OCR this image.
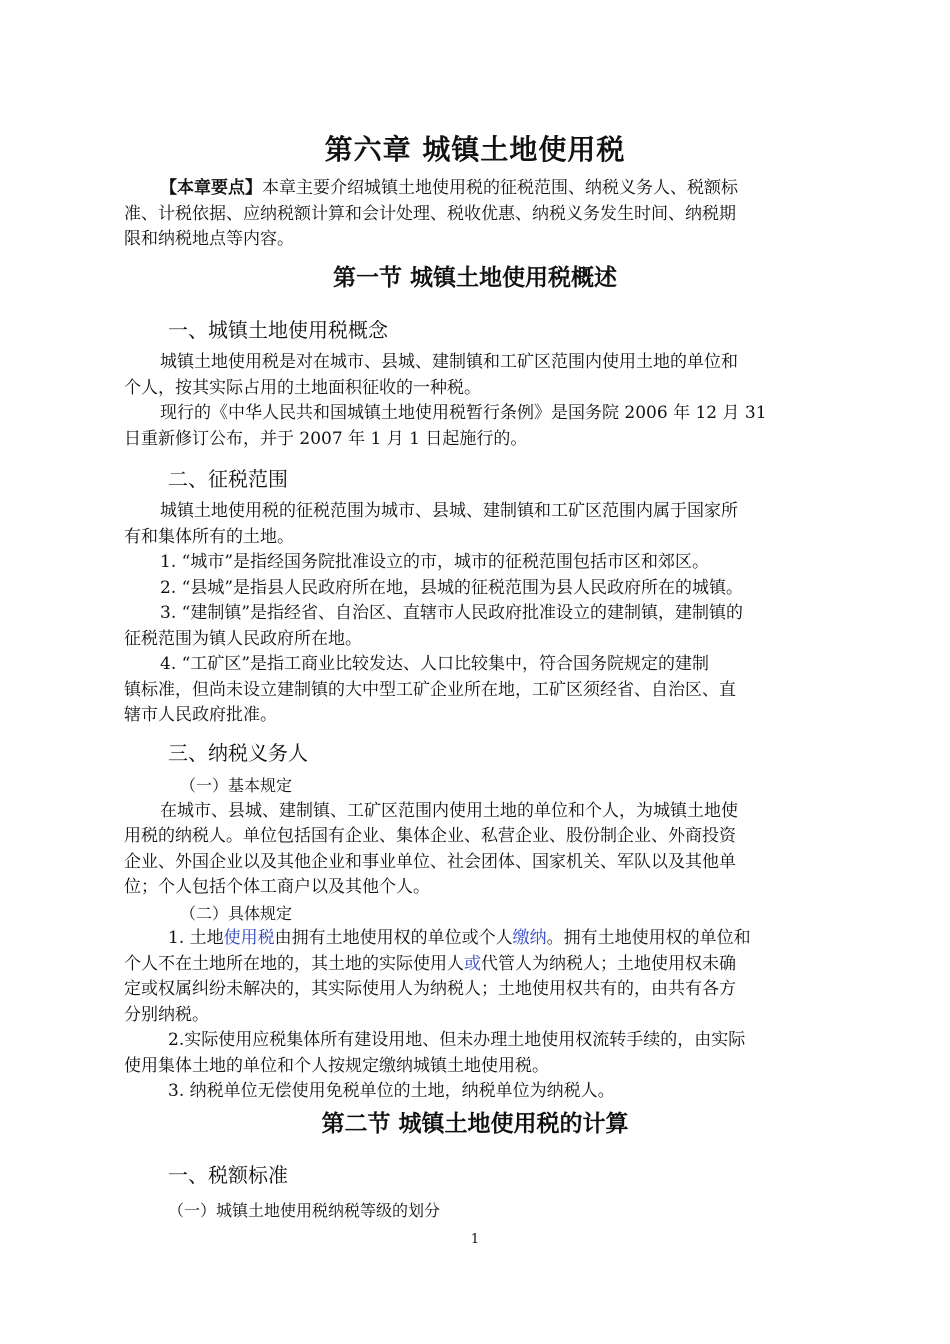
第六章 城镇土地使用税
【本章要点】本章主要介绍城镇土地使用税的征税范围、纳税义务人、税额标
准、计税依据、应纳税额计算和会计处理、税收优惠、纳税义务发生时间、纳税期
限和纳税地点等内容。
第一节 城镇土地使用税概述
一、城镇土地使用税概念
城镇土地使用税是对在城市、县城、建制镇和工矿区范围内使用土地的单位和
个人，按其实际占用的土地面积征收的一种税。
现行的《中华人民共和国城镇土地使用税暂行条例》是国务院 2006 年 12 月 31
日重新修订公布，并于 2007 年 1 月 1 日起施行的。
二、征税范围
城镇土地使用税的征税范围为城市、县城、建制镇和工矿区范围内属于国家所
有和集体所有的土地。
1. “城市”是指经国务院批准设立的市，城市的征税范围包括市区和郊区。
2. “县城”是指县人民政府所在地，县城的征税范围为县人民政府所在的城镇。
3. “建制镇”是指经省、自治区、直辖市人民政府批准设立的建制镇，建制镇的
征税范围为镇人民政府所在地。
4. “工矿区”是指工商业比较发达、人口比较集中，符合国务院规定的建制
镇标准，但尚未设立建制镇的大中型工矿企业所在地，工矿区须经省、自治区、直
辖市人民政府批准。
三、纳税义务人
（一）基本规定
在城市、县城、建制镇、工矿区范围内使用土地的单位和个人，为城镇土地使
用税的纳税人。单位包括国有企业、集体企业、私营企业、股份制企业、外商投资
企业、外国企业以及其他企业和事业单位、社会团体、国家机关、军队以及其他单
位；个人包括个体工商户以及其他个人。
（二）具体规定
1. 土地使用税由拥有土地使用权的单位或个人缴纳。拥有土地使用权的单位和
个人不在土地所在地的，其土地的实际使用人或代管人为纳税人；土地使用权未确
定或权属纠纷未解决的，其实际使用人为纳税人；土地使用权共有的，由共有各方
分别纳税。
2.实际使用应税集体所有建设用地、但未办理土地使用权流转手续的，由实际
使用集体土地的单位和个人按规定缴纳城镇土地使用税。
3. 纳税单位无偿使用免税单位的土地，纳税单位为纳税人。
第二节 城镇土地使用税的计算
一、税额标准
（一）城镇土地使用税纳税等级的划分
1
